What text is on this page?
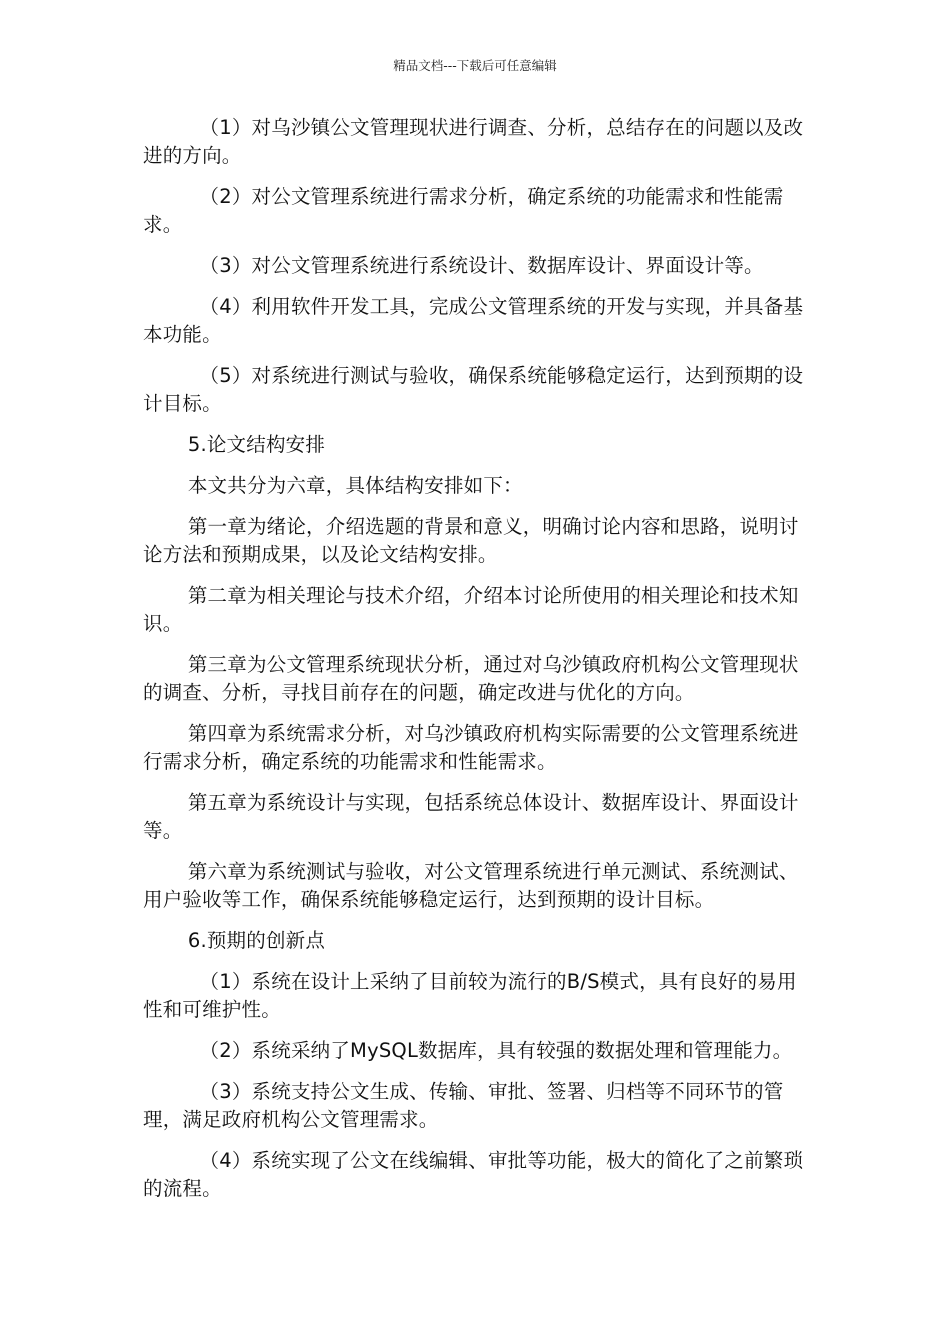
精品文档---下载后可任意编辑

（1）对乌沙镇公文管理现状进行调查、分析，总结存在的问题以及改进的方向。

（2）对公文管理系统进行需求分析，确定系统的功能需求和性能需求。

（3）对公文管理系统进行系统设计、数据库设计、界面设计等。

（4）利用软件开发工具，完成公文管理系统的开发与实现，并具备基本功能。

（5）对系统进行测试与验收，确保系统能够稳定运行，达到预期的设计目标。

5.论文结构安排

本文共分为六章，具体结构安排如下：

第一章为绪论，介绍选题的背景和意义，明确讨论内容和思路，说明讨论方法和预期成果，以及论文结构安排。

第二章为相关理论与技术介绍，介绍本讨论所使用的相关理论和技术知识。

第三章为公文管理系统现状分析，通过对乌沙镇政府机构公文管理现状的调查、分析，寻找目前存在的问题，确定改进与优化的方向。

第四章为系统需求分析，对乌沙镇政府机构实际需要的公文管理系统进行需求分析，确定系统的功能需求和性能需求。

第五章为系统设计与实现，包括系统总体设计、数据库设计、界面设计等。

第六章为系统测试与验收，对公文管理系统进行单元测试、系统测试、用户验收等工作，确保系统能够稳定运行，达到预期的设计目标。

6.预期的创新点

（1）系统在设计上采纳了目前较为流行的B/S模式，具有良好的易用性和可维护性。

（2）系统采纳了MySQL数据库，具有较强的数据处理和管理能力。

（3）系统支持公文生成、传输、审批、签署、归档等不同环节的管理，满足政府机构公文管理需求。

（4）系统实现了公文在线编辑、审批等功能，极大的简化了之前繁琐的流程。
